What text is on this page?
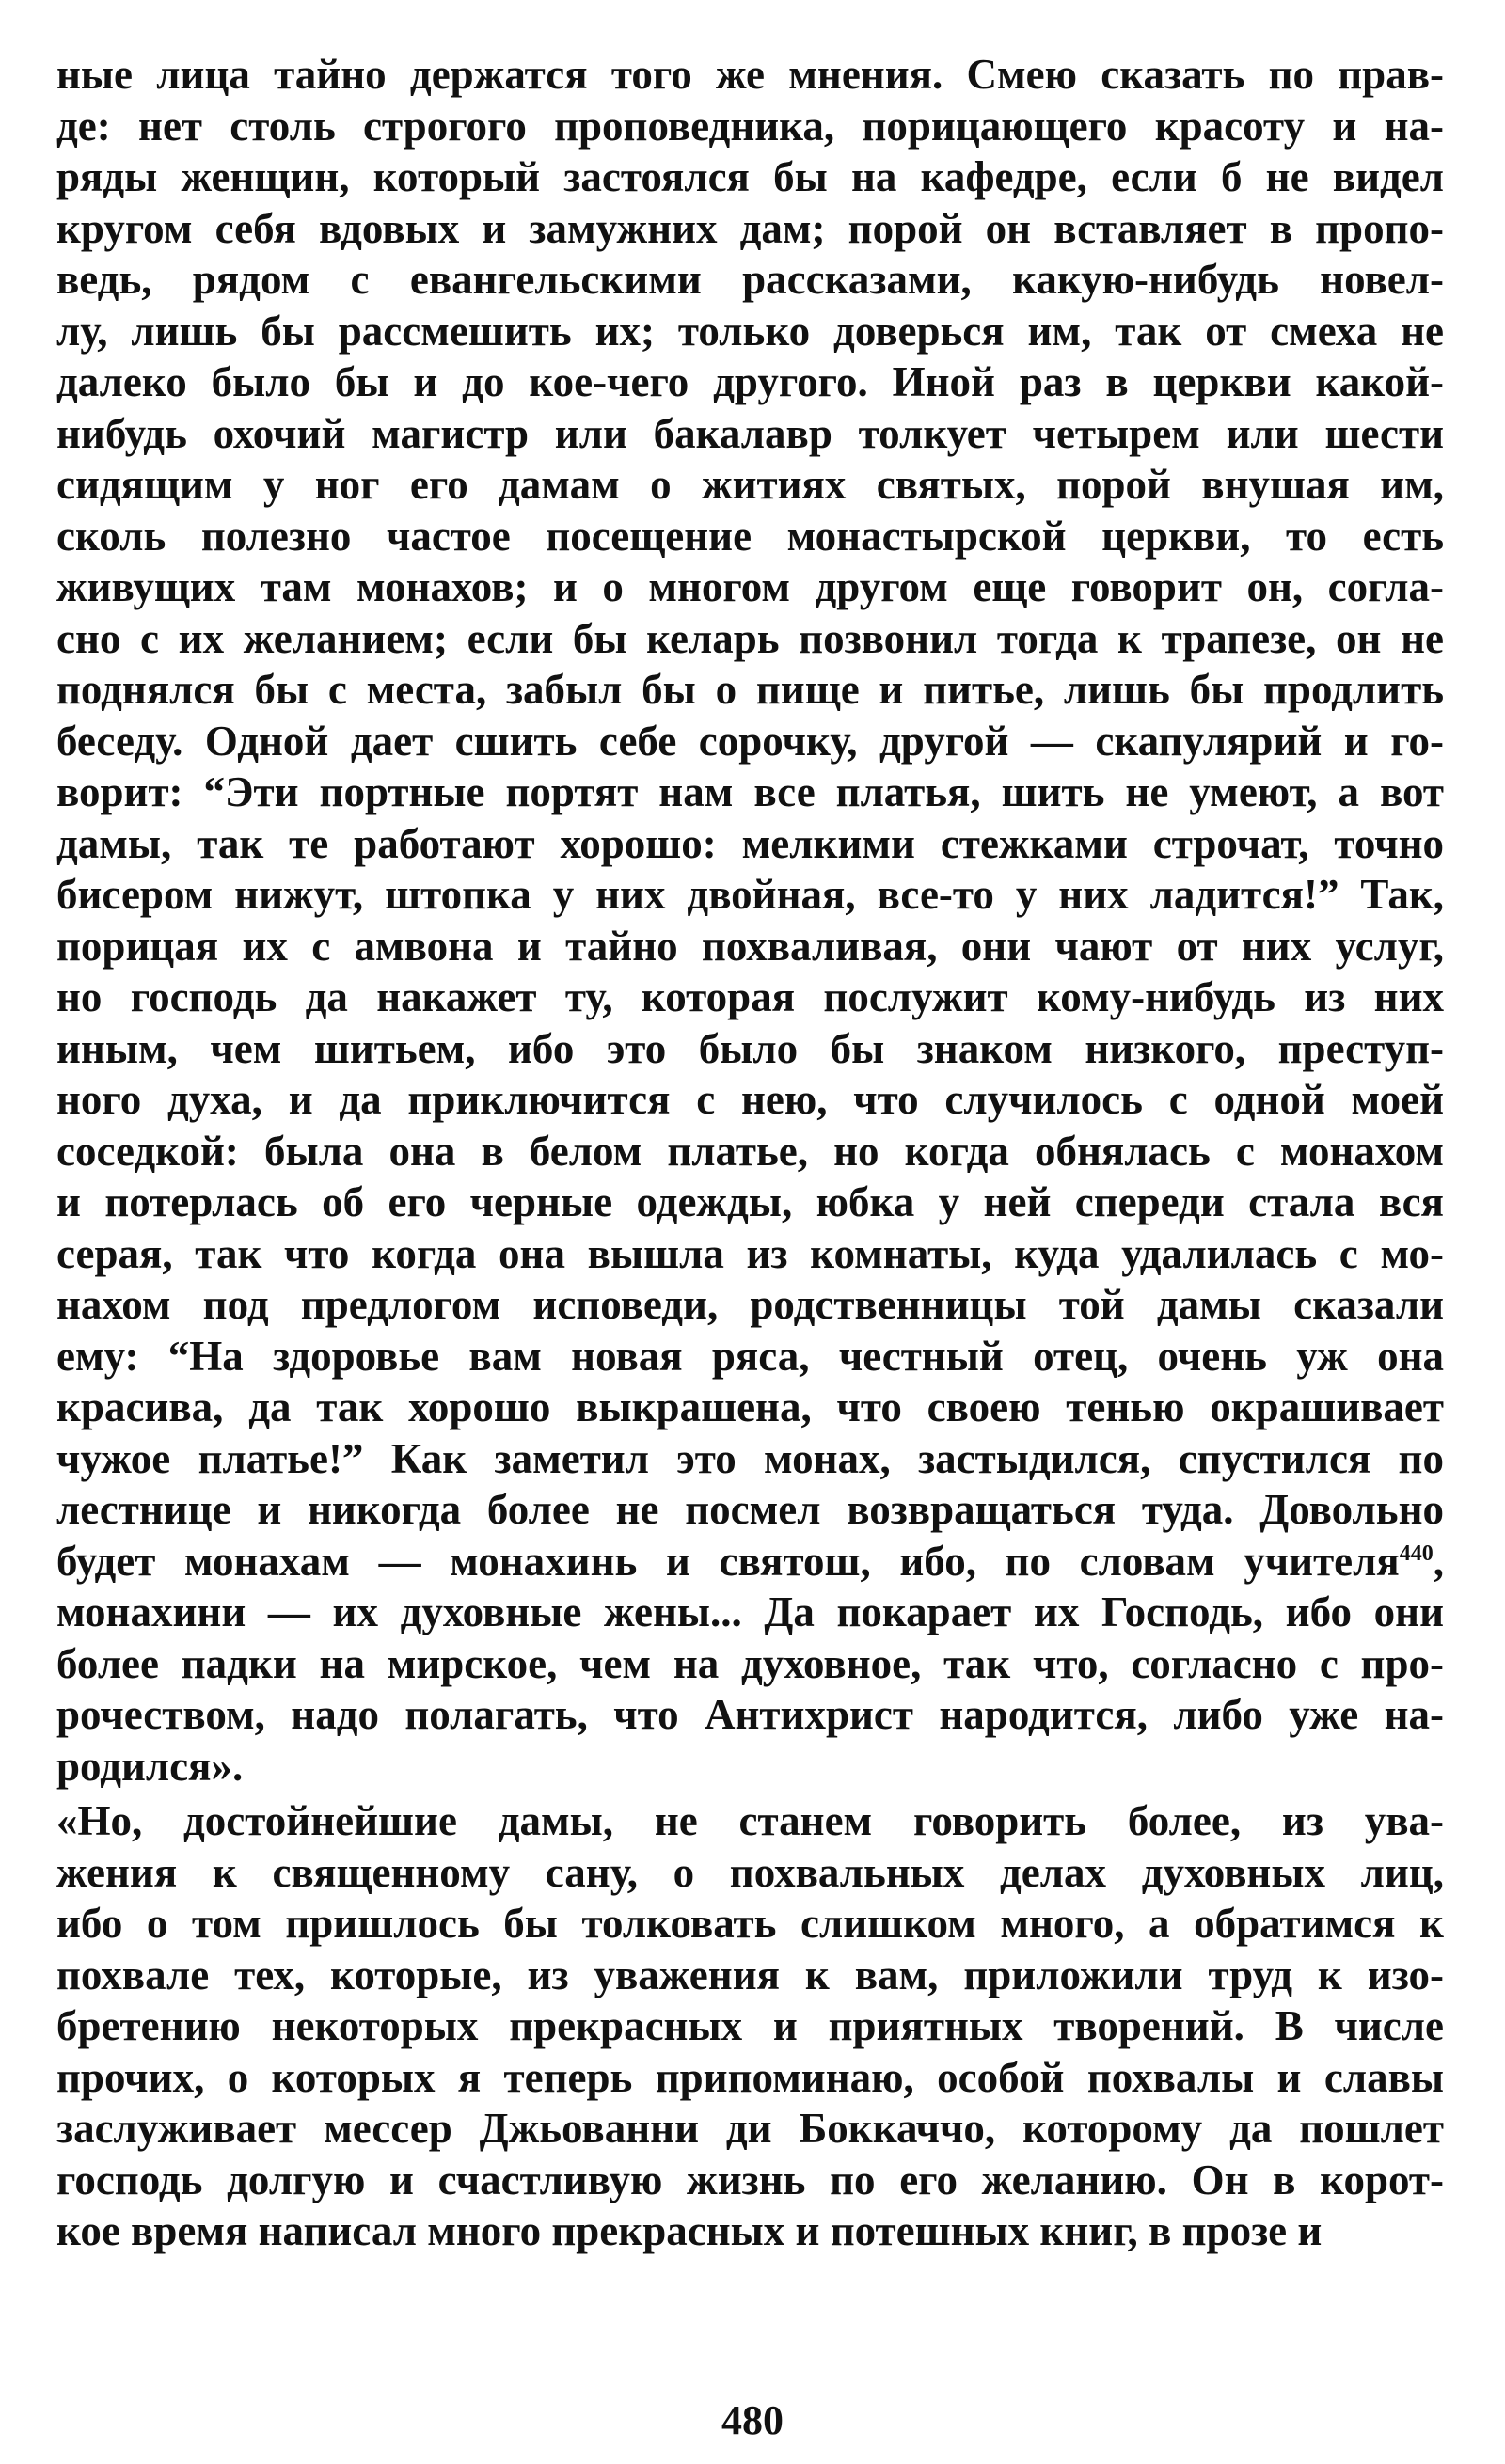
ные лица тайно держатся того же мнения. Смею сказать по прав-
де: нет столь строгого проповедника, порицающего красоту и на-
ряды женщин, который застоялся бы на кафедре, если б не видел
кругом себя вдовых и замужних дам; порой он вставляет в пропо-
ведь, рядом с евангельскими рассказами, какую-нибудь новел-
лу, лишь бы рассмешить их; только доверься им, так от смеха не
далеко было бы и до кое-чего другого. Иной раз в церкви какой-
нибудь охочий магистр или бакалавр толкует четырем или шести
сидящим у ног его дамам о житиях святых, порой внушая им,
сколь полезно частое посещение монастырской церкви, то есть
живущих там монахов; и о многом другом еще говорит он, согла-
сно с их желанием; если бы келарь позвонил тогда к трапезе, он не
поднялся бы с места, забыл бы о пище и питье, лишь бы продлить
беседу. Одной дает сшить себе сорочку, другой — скапулярий и го-
ворит: “Эти портные портят нам все платья, шить не умеют, а вот
дамы, так те работают хорошо: мелкими стежками строчат, точно
бисером нижут, штопка у них двойная, все-то у них ладится!” Так,
порицая их с амвона и тайно похваливая, они чают от них услуг,
но господь да накажет ту, которая послужит кому-нибудь из них
иным, чем шитьем, ибо это было бы знаком низкого, преступ-
ного духа, и да приключится с нею, что случилось с одной моей
соседкой: была она в белом платье, но когда обнялась с монахом
и потерлась об его черные одежды, юбка у ней спереди стала вся
серая, так что когда она вышла из комнаты, куда удалилась с мо-
нахом под предлогом исповеди, родственницы той дамы сказали
ему: “На здоровье вам новая ряса, честный отец, очень уж она
красива, да так хорошо выкрашена, что своею тенью окрашивает
чужое платье!” Как заметил это монах, застыдился, спустился по
лестнице и никогда более не посмел возвращаться туда. Довольно
будет монахам — монахинь и святош, ибо, по словам учителя$^{440}$,
монахини — их духовные жены... Да покарает их Господь, ибо они
более падки на мирское, чем на духовное, так что, согласно с про-
рочеством, надо полагать, что Антихрист народится, либо уже на-
родился».
«Но, достойнейшие дамы, не станем говорить более, из ува-
жения к священному сану, о похвальных делах духовных лиц,
ибо о том пришлось бы толковать слишком много, а обратимся к
похвале тех, которые, из уважения к вам, приложили труд к изо-
бретению некоторых прекрасных и приятных творений. В числе
прочих, о которых я теперь припоминаю, особой похвалы и славы
заслуживает мессер Джьованни ди Боккаччо, которому да пошлет
господь долгую и счастливую жизнь по его желанию. Он в корот-
кое время написал много прекрасных и потешных книг, в прозе и
480
